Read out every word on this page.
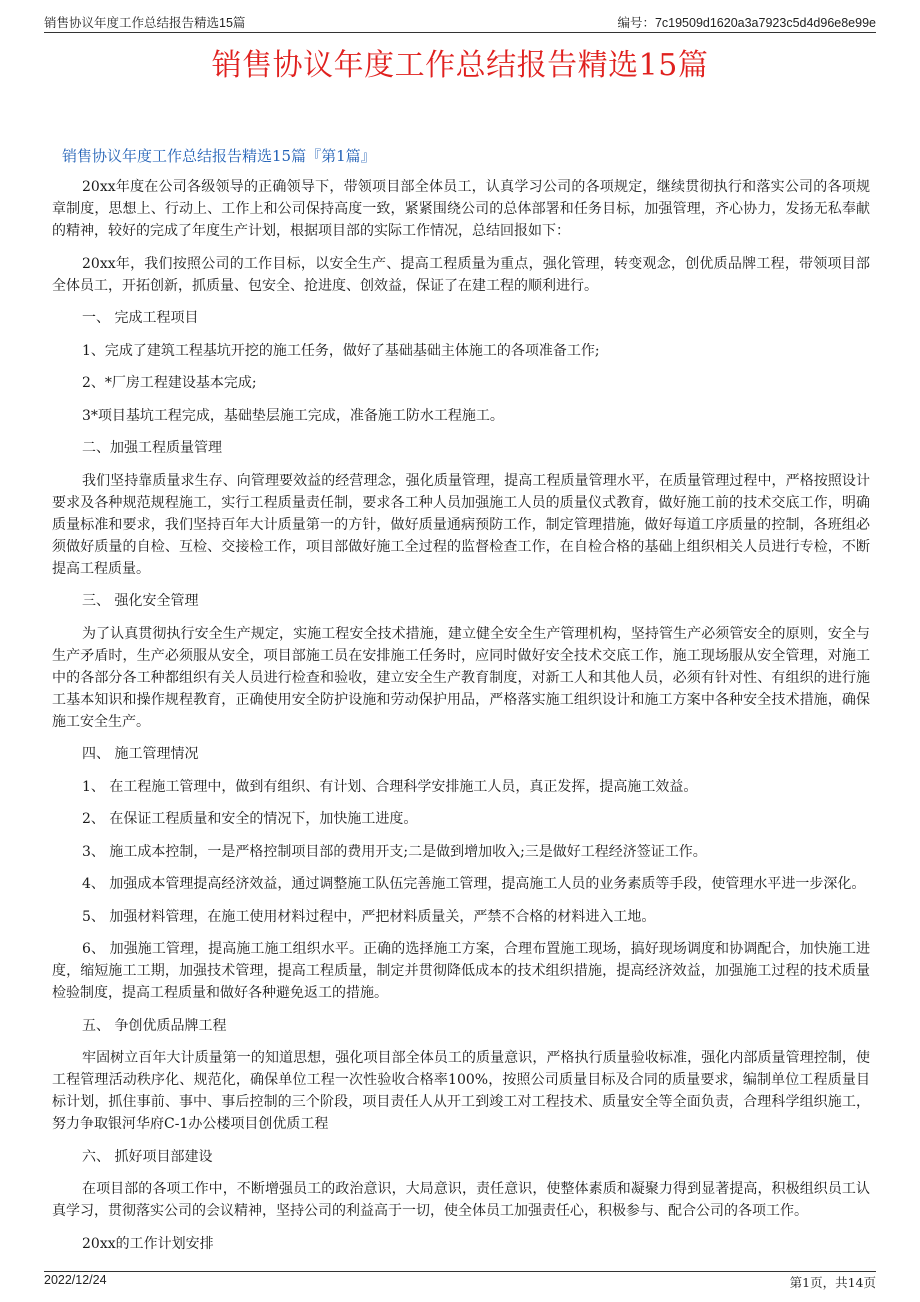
销售协议年度工作总结报告精选15篇	编号：7c19509d1620a3a7923c5d4d96e8e99e
销售协议年度工作总结报告精选15篇
销售协议年度工作总结报告精选15篇『第1篇』

20xx年度在公司各级领导的正确领导下，带领项目部全体员工，认真学习公司的各项规定，继续贯彻执行和落实公司的各项规章制度，思想上、行动上、工作上和公司保持高度一致，紧紧围绕公司的总体部署和任务目标，加强管理，齐心协力，发扬无私奉献的精神，较好的完成了年度生产计划，根据项目部的实际工作情况，总结回报如下：

20xx年，我们按照公司的工作目标，以安全生产、提高工程质量为重点，强化管理，转变观念，创优质品牌工程，带领项目部全体员工，开拓创新，抓质量、包安全、抢进度、创效益，保证了在建工程的顺利进行。

一、 完成工程项目

1、完成了建筑工程基坑开挖的施工任务，做好了基础基础主体施工的各项准备工作;

2、*厂房工程建设基本完成;

3*项目基坑工程完成，基础垫层施工完成，准备施工防水工程施工。

二、加强工程质量管理

我们坚持靠质量求生存、向管理要效益的经营理念，强化质量管理，提高工程质量管理水平，在质量管理过程中，严格按照设计要求及各种规范规程施工，实行工程质量责任制，要求各工种人员加强施工人员的质量仪式教育，做好施工前的技术交底工作，明确质量标准和要求，我们坚持百年大计质量第一的方针，做好质量通病预防工作，制定管理措施，做好每道工序质量的控制，各班组必须做好质量的自检、互检、交接检工作，项目部做好施工全过程的监督检查工作，在自检合格的基础上组织相关人员进行专检，不断提高工程质量。

三、 强化安全管理

为了认真贯彻执行安全生产规定，实施工程安全技术措施，建立健全安全生产管理机构，坚持管生产必须管安全的原则，安全与生产矛盾时，生产必须服从安全，项目部施工员在安排施工任务时，应同时做好安全技术交底工作，施工现场服从安全管理，对施工中的各部分各工种都组织有关人员进行检查和验收，建立安全生产教育制度，对新工人和其他人员，必须有针对性、有组织的进行施工基本知识和操作规程教育，正确使用安全防护设施和劳动保护用品，严格落实施工组织设计和施工方案中各种安全技术措施，确保施工安全生产。

四、 施工管理情况

1、 在工程施工管理中，做到有组织、有计划、合理科学安排施工人员，真正发挥，提高施工效益。

2、 在保证工程质量和安全的情况下，加快施工进度。

3、 施工成本控制，一是严格控制项目部的费用开支;二是做到增加收入;三是做好工程经济签证工作。

4、 加强成本管理提高经济效益，通过调整施工队伍完善施工管理，提高施工人员的业务素质等手段，使管理水平进一步深化。

5、 加强材料管理，在施工使用材料过程中，严把材料质量关，严禁不合格的材料进入工地。

6、 加强施工管理，提高施工施工组织水平。正确的选择施工方案，合理布置施工现场，搞好现场调度和协调配合，加快施工进度，缩短施工工期，加强技术管理，提高工程质量，制定并贯彻降低成本的技术组织措施，提高经济效益，加强施工过程的技术质量检验制度，提高工程质量和做好各种避免返工的措施。

五、 争创优质品牌工程

牢固树立百年大计质量第一的知道思想，强化项目部全体员工的质量意识，严格执行质量验收标准，强化内部质量管理控制，使工程管理活动秩序化、规范化，确保单位工程一次性验收合格率100%，按照公司质量目标及合同的质量要求，编制单位工程质量目标计划，抓住事前、事中、事后控制的三个阶段，项目责任人从开工到竣工对工程技术、质量安全等全面负责，合理科学组织施工，努力争取银河华府C-1办公楼项目创优质工程

六、 抓好项目部建设

在项目部的各项工作中，不断增强员工的政治意识，大局意识，责任意识，使整体素质和凝聚力得到显著提高，积极组织员工认真学习，贯彻落实公司的会议精神，坚持公司的利益高于一切，使全体员工加强责任心，积极参与、配合公司的各项工作。

20xx的工作计划安排

2022/12/24	第1页，共14页
